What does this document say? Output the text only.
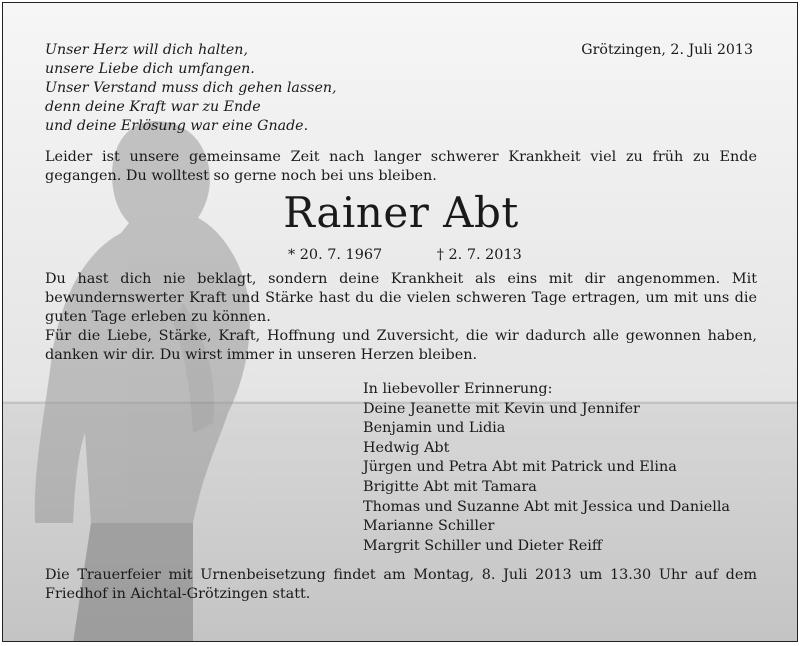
Unser Herz will dich halten,
unsere Liebe dich umfangen.
Unser Verstand muss dich gehen lassen,
denn deine Kraft war zu Ende
und deine Erlösung war eine Gnade.
Grötzingen, 2. Juli 2013
Leider ist unsere gemeinsame Zeit nach langer schwerer Krankheit viel zu früh zu Ende gegangen. Du wolltest so gerne noch bei uns bleiben.
Rainer Abt
* 20. 7. 1967	† 2. 7. 2013
Du hast dich nie beklagt, sondern deine Krankheit als eins mit dir angenommen. Mit bewundernswerter Kraft und Stärke hast du die vielen schweren Tage ertragen, um mit uns die guten Tage erleben zu können.
Für die Liebe, Stärke, Kraft, Hoffnung und Zuversicht, die wir dadurch alle gewonnen haben, danken wir dir. Du wirst immer in unseren Herzen bleiben.
In liebevoller Erinnerung:
Deine Jeanette mit Kevin und Jennifer
Benjamin und Lidia
Hedwig Abt
Jürgen und Petra Abt mit Patrick und Elina
Brigitte Abt mit Tamara
Thomas und Suzanne Abt mit Jessica und Daniella
Marianne Schiller
Margrit Schiller und Dieter Reiff
Die Trauerfeier mit Urnenbeisetzung findet am Montag, 8. Juli 2013 um 13.30 Uhr auf dem Friedhof in Aichtal-Grötzingen statt.
